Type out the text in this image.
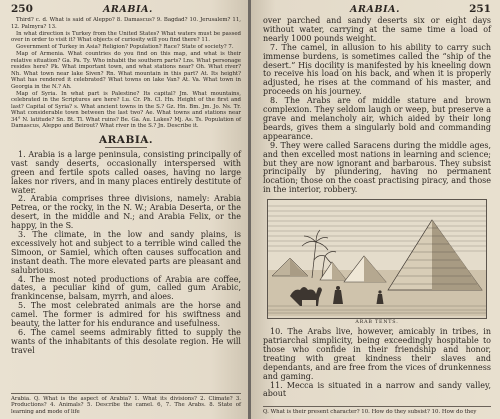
250	ARABIA.

Third? c. d. What is said of Aleppo? 8. Damascus? 9. Bagdad? 10. Jerusalem? 11, 12. Palmyra? 13.

In what direction is Turkey from the United States? What waters must be passed over in order to visit it? What objects of curiosity will you find there? 11.

Government of Turkey in Asia? Religion? Population? Race? State of society? 7.

Map of Armenia. What countries do you find on this map, and what is their relative situation? Ga. Pa. Ty. Who inhabit the southern parts? Lns. What personage resides here? Pk. What important town, and what stations near? Oh. What river? Nh. What town near lake Siven? Rn. What mountain in this part? At. Its height? What has rendered it celebrated? What towns on lake Van? At. Va. What town in Georgia in the N.? Ah.

Map of Syria. In what part is Palestine? Its capital? Jm. What mountains, celebrated in the Scriptures are here? Lu. Cr. Ph. Cl. Hn. Height of the first and last? Capital of Syria? s. What ancient towns in the S.? Gz. Hn. Bm. Jm. Jo. Ns. Tr. What considerable town between the last two? Ae. What towns and stations near 34° N. latitude? Sn. Bt. Tl. What ruins? Be. Ga. Au. Lakes? Mj. As. Ts. Population of Damascus, Aleppo and Beirout? What river in the S.? Jn. Describe it.

ARABIA.

1. Arabia is a large peninsula, consisting principally of vast sandy deserts, occasionally interspersed with green and fertile spots called oases, having no large lakes nor rivers, and in many places entirely destitute of water.

2. Arabia comprises three divisions, namely: Arabia Petrea, or the rocky, in the N. W.; Arabia Deserta, or the desert, in the middle and N.; and Arabia Felix, or the happy, in the S.

3. The climate, in the low and sandy plains, is excessively hot and subject to a terrible wind called the Simoon, or Samiel, which often causes suffocation and instant death. The more elevated parts are pleasant and salubrious.

4. The most noted productions of Arabia are coffee, dates, a peculiar kind of gum, called gum Arabic, frankincense, balsam, myrrh, and aloes.

5. The most celebrated animals are the horse and camel. The former is admired for his swiftness and beauty, the latter for his endurance and usefulness.

6. The camel seems admirably fitted to supply the wants of the inhabitants of this desolate region. He will travel

Arabia. Q. What is the aspect of Arabia? 1. What its divisions? 2. Climate? 3. Productions? 4. Animals? 5. Describe the camel. 6, 7. The Arabs. 8. State of learning and mode of life
ARABIA.	251

over parched and sandy deserts six or eight days without water, carrying at the same time a load of nearly 1000 pounds weight.

7. The camel, in allusion to his ability to carry such immense burdens, is sometimes called the “ship of the desert.” His docility is manifested by his kneeling down to receive his load on his back, and when it is properly adjusted, he rises at the command of his master, and proceeds on his journey.

8. The Arabs are of middle stature and brown complexion. They seldom laugh or weep, but preserve a grave and melancholy air, which aided by their long beards, gives them a singularly bold and commanding appearance.

9. They were called Saracens during the middle ages, and then excelled most nations in learning and science; but they are now ignorant and barbarous. They subsist principally by plundering, having no permanent location; those on the coast practising piracy, and those in the interior, robbery.

ARAB TENTS.

10. The Arabs live, however, amicably in tribes, in patriarchal simplicity, being exceedingly hospitable to those who confide in their friendship and honor, treating with great kindness their slaves and dependants, and are free from the vices of drunkenness and gaming.

11. Mecca is situated in a narrow and sandy valley, about

Q. What is their present character? 10. How do they subsist? 10. How do they
